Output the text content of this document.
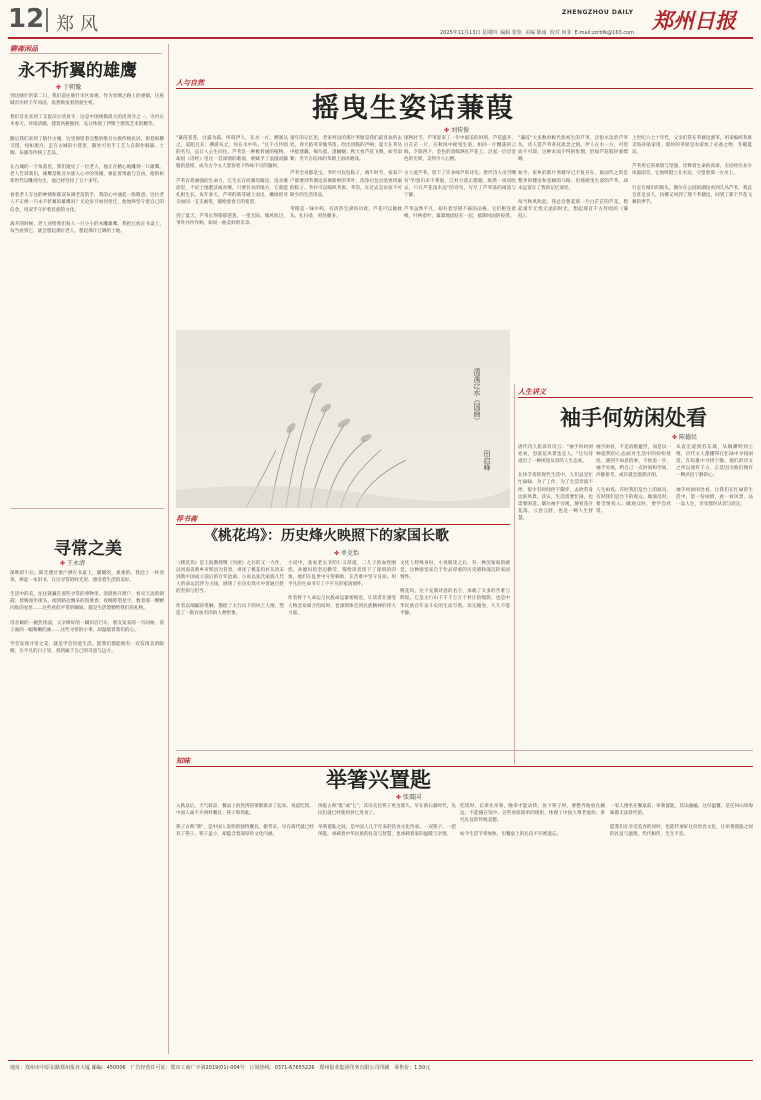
12 郑风
ZHENGZHOU DAILY 郑州日报
2025年11月13日 星期四 编辑 张艳 美编 陈南 校对 何菲 E-mail:zzrbfk@163.com
聊斋闲品
永不折翼的雄鹰
✤ 于朝豫
到达喀什的第二日，我们前往喀什市区参观。作为丝绸之路上的重镇，这座城市历经千年风雨，依然焕发着勃勃生机。

我们首先来到了艾提尕尔清真寺，这是中国规模最大的清真寺之一。寺内古木参天，环境清幽，建筑风格独特，充分体现了伊斯兰建筑艺术的精华。

随后我们来到了喀什古城，这里保留着完整的维吾尔族传统民居，街巷纵横交错，宛如迷宫。走在古城的小巷里，随处可见手工艺人在制作铜器、土陶、乐器等传统工艺品。

在古城的一个角落里，我们遇见了一位老人，他正在精心地雕刻一只雄鹰。老人告诉我们，雄鹰是维吾尔族人心中的英雄，象征着勇敢与自由。他的祖辈世代以雕刻为生，他已经坚持了五十多年。

看着老人专注的神情和那双布满老茧的手，我的心中涌起一股敬意。这位老人不正像一只永不折翼的雄鹰吗？无论岁月如何变迁，他始终坚守着自己的信念，用双手守护着民族的文化。

离开的时候，老人送给我们每人一只小小的木雕雄鹰。我把它放在书桌上，每当看到它，就会想起那位老人，想起那片辽阔的土地。
寻常之美
✤ 王永清
深秋的午后，阳光透过窗户洒在书桌上，暖暖的，柔柔的。我泡上一杯清茶，捧起一本旧书，在这寻常的时光里，感受着生活的美好。

生活中的美，往往就藏在那些寻常的事物里。清晨推开窗户，看见天边的朝霞；傍晚漫步街头，闻到路边飘来的饭菜香；夜晚仰望星空，数着那一颗颗闪烁的星星……这些看似平常的瞬间，都是生活馈赠给我们的礼物。

母亲做的一碗热汤面，父亲修好的一辆旧自行车，朋友发来的一句问候，孩子画的一幅稚嫩的画……这些寻常的小事，却温暖着我们的心。

学会发现寻常之美，就是学会热爱生活。愿我们都能拥有一双发现美的眼睛，在平凡的日子里，找到属于自己的诗意与远方。
人与自然
摇曳生姿话蒹葭
✤ 刘传俊
"蒹葭苍苍，白露为霜。所谓伊人，在水一方。溯洄从之，道阻且长；溯游从之，宛在水中央。"这千古传唱的名句，总让人心生向往。芦苇是一种极普通的植物，却因《诗经》里这一首深情的歌谣，被赋予了浪漫而朦胧的意境，成为古今文人墨客笔下吟咏不尽的题材。

芦苇有着顽强的生命力，它生长在河湖沟塘边、浅水滩涂里，不论土地肥沃或贫瘠，只要有水的地方，它就能扎根生长。每年春天，芦苇的新芽破土而出，嫩绿的芽尖如同一支支画笔，描绘着春天的希望。

到了夏天，芦苇长得郁郁葱葱，一望无际，微风吹过，苇叶沙沙作响，如同一曲美妙的乐章。
童年的记忆里，老家村边的那片苇塘是我们最喜欢的去处。春天掐苇芽做苇笛，吹出清脆的声响；夏天在苇丛中捉迷藏、掏鸟蛋、逮蝈蝈；秋天看芦花飞舞，如雪似絮；冬天在结冰的苇塘上滑冰嬉戏。

芦苇全身都是宝。苇叶可以包粽子，端午时节，家家户户都要到苇塘边采摘新鲜的苇叶，洗净后包出清香四溢的粽子。苇秆可以编织苇席、苇箔，在过去是农家不可缺少的生活用品。

苇根是一味中药，有清热生津的功效。芦花可以做枕头、扎扫帚，用处颇多。
深秋时节，芦苇迎来了一年中最美的时刻。芦花盛开，白茫茫一片，在秋风中摇曳生姿，如同一片飘荡的云海。夕阳西下，金色的余晖洒在芦花上，泛起一层层金色的光晕，美得令人心醉。

古人爱芦苇，留下了许多咏芦的诗句。唐代诗人司空曙有"钓罢归来不系船，江村月落正堪眠。纵然一夜风吹去，只在芦花浅水边"的诗句，写尽了芦苇荡的闲适与宁静。

芦苇虽然平凡，却有着坚韧不拔的品格。它们根连着根，叶挨着叶，紧紧地团结在一起，抵御风雨的侵袭。
"蒹葭"大多数时候代指初生的芦苇，泛指水边的芦苇丛，诗人借芦苇寄托思念之情。伊人在水一方，可望而不可即，这种求而不得的怅惘，恰如芦花般轻柔缥缈。

如今，家乡的那片苇塘早已不复存在，取而代之的是整齐的楼房和宽阔的马路。但那摇曳生姿的芦苇，却永远留在了我的记忆深处。

每当秋风吹起，我总会想起那一片白茫茫的芦花，想起童年无忧无虑的时光，想起那首千古传唱的《蒹葭》。
上世纪六七十年代，父亲们常在苇塘边割苇，用来编织苇席卖钱补贴家用。那时的苇席是农家炕上必备之物，冬暖夏凉。

芦苇用它的柔韧与坚强，诠释着生命的真谛。无论经历多少风霜雨雪，它始终挺立在水边，守望着那一方水土。

行走在城市的街头，偶尔在公园的湖边看到几丛芦苇，我总会驻足良久，仿佛又回到了那个苇塘边，回到了那个芦花飞舞的季节。
清溪泛水（国画）
田启峰
人生讲义
袖手何妨闲处看
✤ 陈德民
唐代诗人崔涂有诗云："袖手何妨闲处看，恐落花风景也宜人。"这句诗道出了一种闲适从容的人生态度。

在快节奏的现代生活中，人们总是忙忙碌碌，为了工作、为了生活奔波不停，很少有时间停下脚步，去欣赏身边的风景。其实，生活需要忙碌，也需要闲适。偶尔袖手旁观，静看花开花落、云卷云舒，也是一种人生智慧。
袖手闲看，不是消极避世，而是以一种超然的心态面对生活中的纷纷扰扰。遇到不如意的事，不妨退一步，袖手旁观，给自己一点时间和空间，冷静思考，或许就会豁然开朗。

人生如戏，有时我们是台上的演员，有时我们是台下的观众。做演员时，要全情投入；做观众时，要学会欣赏。
从袁宏道到苏东坡，从陶渊明到王维，历代文人都懂得在忙碌中寻找闲适，在喧嚣中寻找宁静。他们的诗文之所以流传千古，正是因为他们拥有一颗淡泊宁静的心。

袖手何妨闲处看。让我们在忙碌的生活中，留一份闲情，看一看风景，品一品人生，享受那份从容与淡定。
荐书斋
《桃花坞》：历史烽火映照下的家国长歌
✤ 单克怡
《桃花坞》是王海教授继《河流》之后的又一力作，以河南省新乡市辉县为背景，讲述了桃花坞村从清末到新中国成立前后的百年沧桑。小说以张氏家族几代人的命运沉浮为主线，展现了在历史烽火中普通百姓的坚韧与担当。

作者以细腻的笔触，描绘了太行山下的风土人情，塑造了一批有血有肉的人物形象。
小说中，张家老太爷的仁义厚道，二儿子的血性刚烈，孙媳妇的坚忍勤劳，都给读者留下了深刻的印象。他们在乱世中守望相助，在苦难中坚守良知，用平凡的生命书写了不平凡的家国情怀。

作者将个人命运与民族命运紧密相连，让读者在感受人物悲欢离合的同时，也深刻体会到民族精神的伟大力量。
文化人特殊身份，小说阅读之后，有一种沉甸甸的感觉，这种感觉来自于作品厚重的历史感和深沉的家国情怀。

桃花坞，这个充满诗意的名字，承载了太多的苦难与辉煌。它是太行山下千千万万个村庄的缩影，也是中华民族百年奋斗史的生动写照。读完掩卷，久久不能平静。
知味
举箸兴置匙
✤ 张震国
入秋以后，天气转凉，餐桌上的热汤热菜渐渐多了起来。说起吃饭，中国人离不开两样餐具：筷子和汤匙。

筷子古称"箸"，是中国人发明的独特餐具。据考证，早在商代就已经有了筷子。筷子虽小，却蕴含着深厚的文化内涵。
汤匙古称"匙"或"匕"，其历史比筷子更为悠久。早在新石器时代，先民们就已经使用骨匕进食了。

举箸置匙之间，是中国人几千年来的饮食文化传承。一双筷子，一把汤匙，承载着中华民族的礼仪与智慧，也承载着家的温暖与亲情。
吃饭时，长辈先举箸，晚辈才能动筷；放下筷子时，要整齐地放在碗边，不能插在饭中。这些看似简单的规矩，体现了中国人尊老爱幼、讲究礼仪的传统美德。

如今生活节奏加快，但餐桌上的礼仪不应被遗忘。
一家人围坐在餐桌前，举箸置匙，其乐融融。这份温馨，是任何山珍海味都无法替代的。

愿我们在享受美食的同时，也能传承好这份饮食文化，让举箸置匙之间的礼仪与温情，代代相传，生生不息。
地址：郑州市中原东路郑州报业大厦 邮编：450006 广告经营许可证：郑市工商广字第2019(01)-004号 订阅热线：0371-67655226 郑州报业集团印务有限公司印刷 零售价：1.50元
